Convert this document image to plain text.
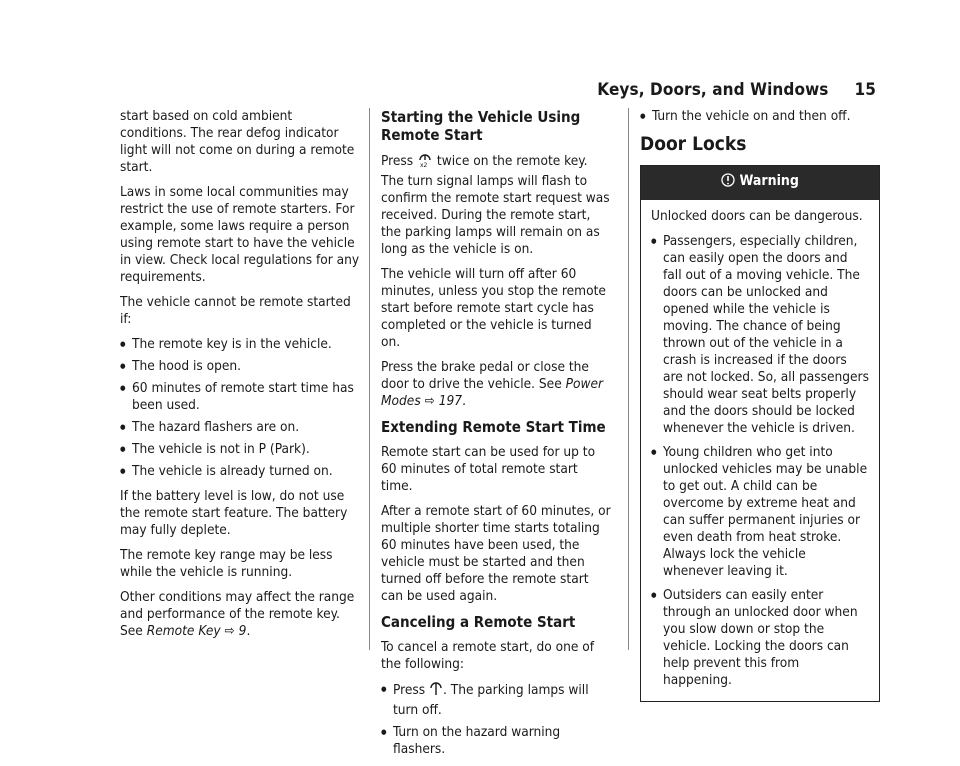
Keys, Doors, and Windows 15

start based on cold ambient conditions. The rear defog indicator light will not come on during a remote start.

Laws in some local communities may restrict the use of remote starters. For example, some laws require a person using remote start to have the vehicle in view. Check local regulations for any requirements.

The vehicle cannot be remote started if:

● The remote key is in the vehicle.
● The hood is open.
● 60 minutes of remote start time has been used.
● The hazard flashers are on.
● The vehicle is not in P (Park).
● The vehicle is already turned on.

If the battery level is low, do not use the remote start feature. The battery may fully deplete.

The remote key range may be less while the vehicle is running.

Other conditions may affect the range and performance of the remote key. See Remote Key ⇨ 9.

Starting the Vehicle Using Remote Start

Press x2 twice on the remote key. The turn signal lamps will flash to confirm the remote start request was received. During the remote start, the parking lamps will remain on as long as the vehicle is on.

The vehicle will turn off after 60 minutes, unless you stop the remote start before remote start cycle has completed or the vehicle is turned on.

Press the brake pedal or close the door to drive the vehicle. See Power Modes ⇨ 197.

Extending Remote Start Time

Remote start can be used for up to 60 minutes of total remote start time.

After a remote start of 60 minutes, or multiple shorter time starts totaling 60 minutes have been used, the vehicle must be started and then turned off before the remote start can be used again.

Canceling a Remote Start

To cancel a remote start, do one of the following:

● Press . The parking lamps will turn off.
● Turn on the hazard warning flashers.
● Turn the vehicle on and then off.
Door Locks
Warning

Unlocked doors can be dangerous.

● Passengers, especially children, can easily open the doors and fall out of a moving vehicle. The doors can be unlocked and opened while the vehicle is moving. The chance of being thrown out of the vehicle in a crash is increased if the doors are not locked. So, all passengers should wear seat belts properly and the doors should be locked whenever the vehicle is driven.
● Young children who get into unlocked vehicles may be unable to get out. A child can be overcome by extreme heat and can suffer permanent injuries or even death from heat stroke. Always lock the vehicle whenever leaving it.
● Outsiders can easily enter through an unlocked door when you slow down or stop the vehicle. Locking the doors can help prevent this from happening.
